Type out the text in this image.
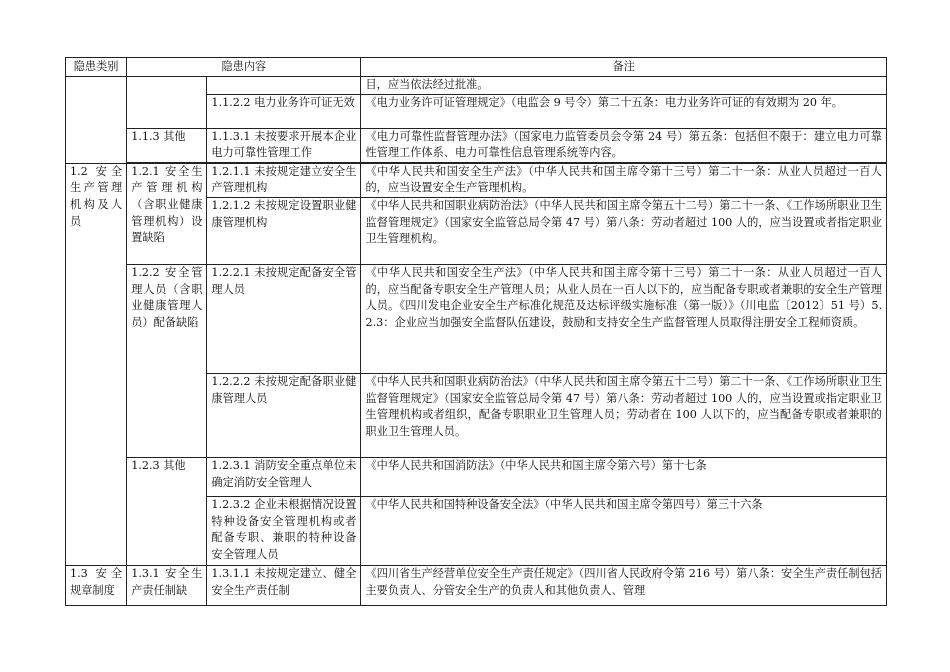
隐患类别	隐患内容		备注
			目，应当依法经过批准。
		1.1.2.2 电力业务许可证无效	《电力业务许可证管理规定》（电监会 9 号令）第二十五条：电力业务许可证的有效期为 20 年。
	1.1.3 其他	1.1.3.1 未按要求开展本企业电力可靠性管理工作	《电力可靠性监督管理办法》（国家电力监管委员会令第 24 号）第五条：包括但不限于：建立电力可靠性管理工作体系、电力可靠性信息管理系统等内容。

1.2 安全生产管理机构及人员	1.2.1 安全生产管理机构（含职业健康管理机构）设置缺陷	1.2.1.1 未按规定建立安全生产管理机构	《中华人民共和国安全生产法》（中华人民共和国主席令第十三号）第二十一条：从业人员超过一百人的，应当设置安全生产管理机构。
		1.2.1.2 未按规定设置职业健康管理机构	《中华人民共和国职业病防治法》（中华人民共和国主席令第五十二号）第二十一条、《工作场所职业卫生监督管理规定》（国家安全监管总局令第 47 号）第八条：劳动者超过 100 人的，应当设置或者指定职业卫生管理机构。
	1.2.2 安全管理人员（含职业健康管理人员）配备缺陷	1.2.2.1 未按规定配备安全管理人员	《中华人民共和国安全生产法》（中华人民共和国主席令第十三号）第二十一条：从业人员超过一百人的，应当配备专职安全生产管理人员；从业人员在一百人以下的，应当配备专职或者兼职的安全生产管理人员。《四川发电企业安全生产标准化规范及达标评级实施标准（第一版）》（川电监〔2012〕51 号）5.2.3：企业应当加强安全监督队伍建设，鼓励和支持安全生产监督管理人员取得注册安全工程师资质。
		1.2.2.2 未按规定配备职业健康管理人员	《中华人民共和国职业病防治法》（中华人民共和国主席令第五十二号）第二十一条、《工作场所职业卫生监督管理规定》（国家安全监管总局令第 47 号）第八条：劳动者超过 100 人的，应当设置或指定职业卫生管理机构或者组织，配备专职职业卫生管理人员；劳动者在 100 人以下的，应当配备专职或者兼职的职业卫生管理人员。
	1.2.3 其他	1.2.3.1 消防安全重点单位未确定消防安全管理人	《中华人民共和国消防法》（中华人民共和国主席令第六号）第十七条
		1.2.3.2 企业未根据情况设置特种设备安全管理机构或者配备专职、兼职的特种设备安全管理人员	《中华人民共和国特种设备安全法》（中华人民共和国主席令第四号）第三十六条
1.3 安全规章制度	1.3.1 安全生产责任制缺	1.3.1.1 未按规定建立、健全安全生产责任制	《四川省生产经营单位安全生产责任规定》（四川省人民政府令第 216 号）第八条：安全生产责任制包括主要负责人、分管安全生产的负责人和其他负责人、管理
